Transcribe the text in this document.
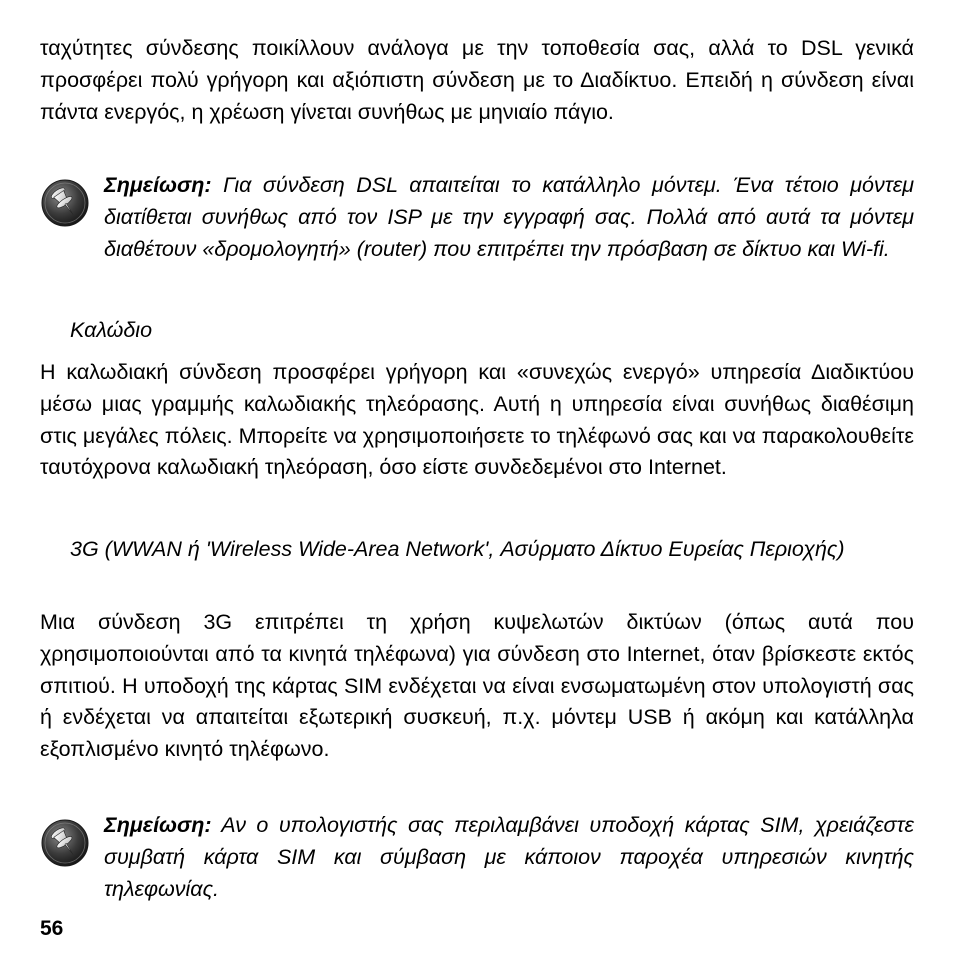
ταχύτητες σύνδεσης ποικίλλουν ανάλογα με την τοποθεσία σας, αλλά το DSL γενικά προσφέρει πολύ γρήγορη και αξιόπιστη σύνδεση με το Διαδίκτυο. Επειδή η σύνδεση είναι πάντα ενεργός, η χρέωση γίνεται συνήθως με μηνιαίο πάγιο.

Σημείωση: Για σύνδεση DSL απαιτείται το κατάλληλο μόντεμ. Ένα τέτοιο μόντεμ διατίθεται συνήθως από τον ISP με την εγγραφή σας. Πολλά από αυτά τα μόντεμ διαθέτουν «δρομολογητή» (router) που επιτρέπει την πρόσβαση σε δίκτυο και Wi-fi.

Καλώδιο

Η καλωδιακή σύνδεση προσφέρει γρήγορη και «συνεχώς ενεργό» υπηρεσία Διαδικτύου μέσω μιας γραμμής καλωδιακής τηλεόρασης. Αυτή η υπηρεσία είναι συνήθως διαθέσιμη στις μεγάλες πόλεις. Μπορείτε να χρησιμοποιήσετε το τηλέφωνό σας και να παρακολουθείτε ταυτόχρονα καλωδιακή τηλεόραση, όσο είστε συνδεδεμένοι στο Internet.

3G (WWAN ή 'Wireless Wide-Area Network', Ασύρματο Δίκτυο Ευρείας Περιοχής)

Μια σύνδεση 3G επιτρέπει τη χρήση κυψελωτών δικτύων (όπως αυτά που χρησιμοποιούνται από τα κινητά τηλέφωνα) για σύνδεση στο Internet, όταν βρίσκεστε εκτός σπιτιού. Η υποδοχή της κάρτας SIM ενδέχεται να είναι ενσωματωμένη στον υπολογιστή σας ή ενδέχεται να απαιτείται εξωτερική συσκευή, π.χ. μόντεμ USB ή ακόμη και κατάλληλα εξοπλισμένο κινητό τηλέφωνο.

Σημείωση: Αν ο υπολογιστής σας περιλαμβάνει υποδοχή κάρτας SIM, χρειάζεστε συμβατή κάρτα SIM και σύμβαση με κάποιον παροχέα υπηρεσιών κινητής τηλεφωνίας.

56
